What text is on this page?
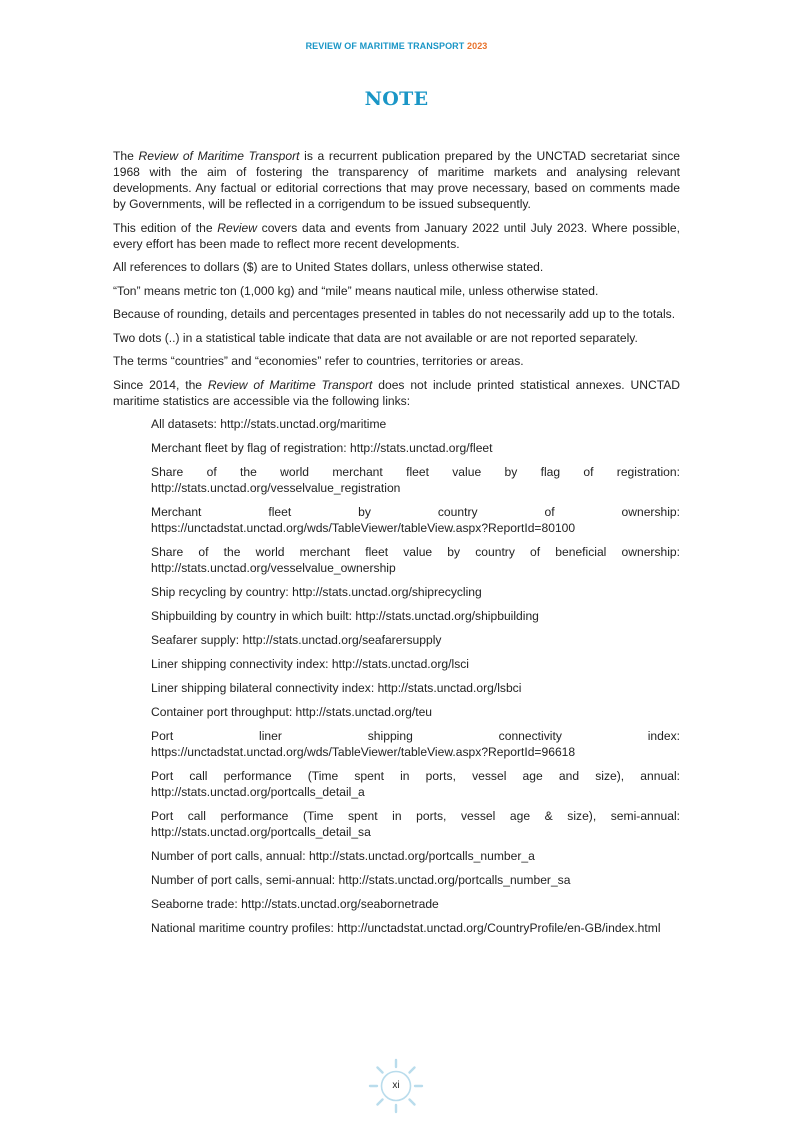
REVIEW OF MARITIME TRANSPORT 2023
NOTE

The Review of Maritime Transport is a recurrent publication prepared by the UNCTAD secretariat since 1968 with the aim of fostering the transparency of maritime markets and analysing relevant developments. Any factual or editorial corrections that may prove necessary, based on comments made by Governments, will be reflected in a corrigendum to be issued subsequently.

This edition of the Review covers data and events from January 2022 until July 2023. Where possible, every effort has been made to reflect more recent developments.

All references to dollars ($) are to United States dollars, unless otherwise stated.

“Ton” means metric ton (1,000 kg) and “mile” means nautical mile, unless otherwise stated.

Because of rounding, details and percentages presented in tables do not necessarily add up to the totals.

Two dots (..) in a statistical table indicate that data are not available or are not reported separately.

The terms “countries” and “economies” refer to countries, territories or areas.

Since 2014, the Review of Maritime Transport does not include printed statistical annexes. UNCTAD maritime statistics are accessible via the following links:

All datasets: http://stats.unctad.org/maritime
Merchant fleet by flag of registration: http://stats.unctad.org/fleet
Share of the world merchant fleet value by flag of registration: http://stats.unctad.org/vesselvalue_registration
Merchant fleet by country of ownership: https://unctadstat.unctad.org/wds/TableViewer/tableView.aspx?ReportId=80100
Share of the world merchant fleet value by country of beneficial ownership: http://stats.unctad.org/vesselvalue_ownership
Ship recycling by country: http://stats.unctad.org/shiprecycling
Shipbuilding by country in which built: http://stats.unctad.org/shipbuilding
Seafarer supply: http://stats.unctad.org/seafarersupply
Liner shipping connectivity index: http://stats.unctad.org/lsci
Liner shipping bilateral connectivity index: http://stats.unctad.org/lsbci
Container port throughput: http://stats.unctad.org/teu
Port liner shipping connectivity index: https://unctadstat.unctad.org/wds/TableViewer/tableView.aspx?ReportId=96618
Port call performance (Time spent in ports, vessel age and size), annual: http://stats.unctad.org/portcalls_detail_a
Port call performance (Time spent in ports, vessel age & size), semi-annual: http://stats.unctad.org/portcalls_detail_sa
Number of port calls, annual: http://stats.unctad.org/portcalls_number_a
Number of port calls, semi-annual: http://stats.unctad.org/portcalls_number_sa
Seaborne trade: http://stats.unctad.org/seabornetrade
National maritime country profiles: http://unctadstat.unctad.org/CountryProfile/en-GB/index.html
xi
